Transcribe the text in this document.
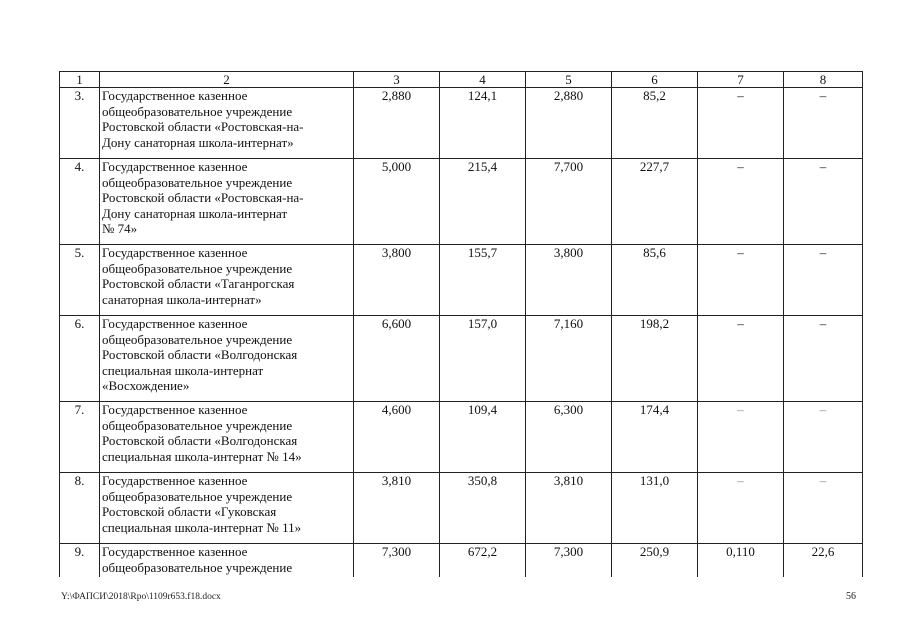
1	2	3	4	5	6	7	8
3.	Государственное казенное
общеобразовательное учреждение
Ростовской области «Ростовская-на-
Дону санаторная школа-интернат»	2,880	124,1	2,880	85,2	–	–
4.	Государственное казенное
общеобразовательное учреждение
Ростовской области «Ростовская-на-
Дону санаторная школа-интернат
№ 74»	5,000	215,4	7,700	227,7	–	–
5.	Государственное казенное
общеобразовательное учреждение
Ростовской области «Таганрогская
санаторная школа-интернат»	3,800	155,7	3,800	85,6	–	–
6.	Государственное казенное
общеобразовательное учреждение
Ростовской области «Волгодонская
специальная школа-интернат
«Восхождение»	6,600	157,0	7,160	198,2	–	–
7.	Государственное казенное
общеобразовательное учреждение
Ростовской области «Волгодонская
специальная школа-интернат № 14»	4,600	109,4	6,300	174,4	–	–
8.	Государственное казенное
общеобразовательное учреждение
Ростовской области «Гуковская
специальная школа-интернат № 11»	3,810	350,8	3,810	131,0	–	–
9.	Государственное казенное
общеобразовательное учреждение	7,300	672,2	7,300	250,9	0,110	22,6
Y:\ФАПСИ\2018\Rpo\1109r653.f18.docx	56
